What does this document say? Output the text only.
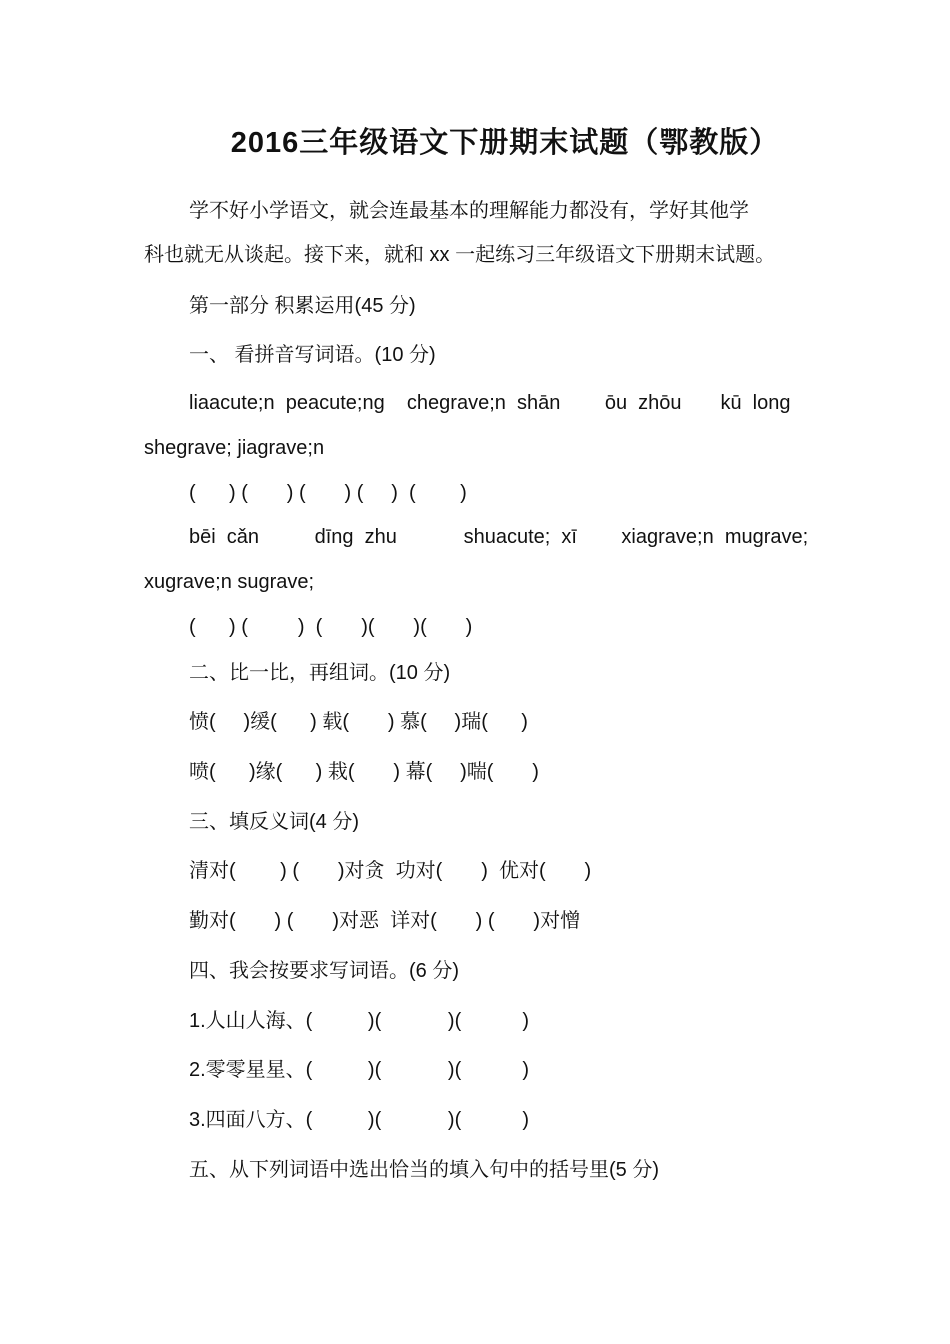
2016三年级语文下册期末试题（鄂教版）
学不好小学语文，就会连最基本的理解能力都没有，学好其他学
科也就无从谈起。接下来，就和 xx 一起练习三年级语文下册期末试题。
第一部分 积累运用(45 分)
一、 看拼音写词语。(10 分)
liaacute;n  peacute;ng    chegrave;n  shān        ōu  zhōu       kū  long
shegrave; jiagrave;n
(      ) (       ) (       ) (     )  (        )
bēi  cǎn          dīng  zhu            shuacute;  xī        xiagrave;n  mugrave;
xugrave;n sugrave;
(      ) (         )  (       )(       )(       )
二、比一比，再组词。(10 分)
愤(     )缓(      ) 载(       ) 慕(     )瑞(      )
喷(      )缘(      ) 栽(       ) 幕(     )喘(       )
三、填反义词(4 分)
清对(        ) (       )对贪  功对(       )  优对(       )
勤对(       ) (       )对恶  详对(       ) (       )对憎
四、我会按要求写词语。(6 分)
1.人山人海、(          )(            )(           )
2.零零星星、(          )(            )(           )
3.四面八方、(          )(            )(           )
五、从下列词语中选出恰当的填入句中的括号里(5 分)
